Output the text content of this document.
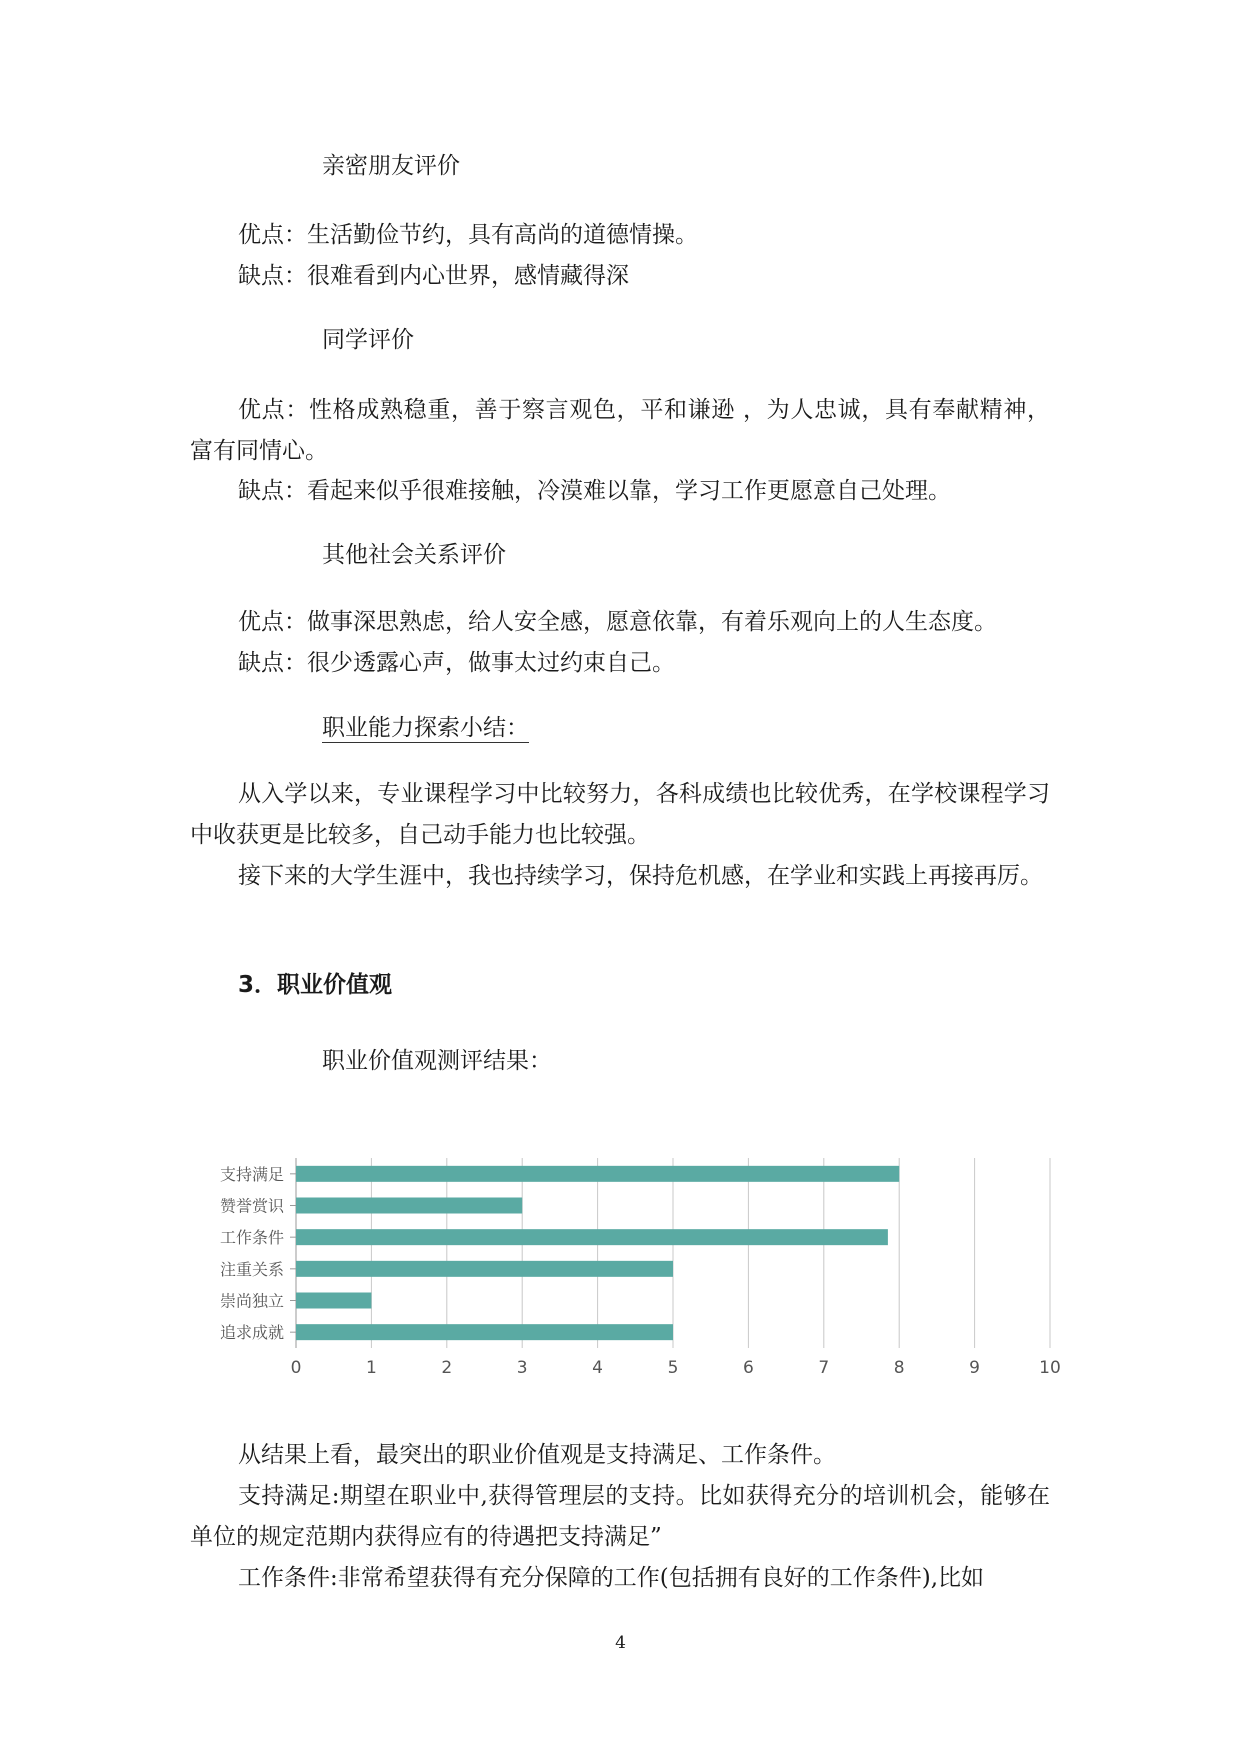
亲密朋友评价
优点：生活勤俭节约，具有高尚的道德情操。
缺点：很难看到内心世界，感情藏得深
同学评价
优点：性格成熟稳重，善于察言观色，平和谦逊 ，为人忠诚，具有奉献精神，富有同情心。
缺点：看起来似乎很难接触，冷漠难以靠，学习工作更愿意自己处理。
其他社会关系评价
优点：做事深思熟虑，给人安全感，愿意依靠，有着乐观向上的人生态度。
缺点：很少透露心声，做事太过约束自己。
职业能力探索小结：
从入学以来，专业课程学习中比较努力，各科成绩也比较优秀，在学校课程学习中收获更是比较多，自己动手能力也比较强。
接下来的大学生涯中，我也持续学习，保持危机感，在学业和实践上再接再厉。
3．职业价值观
职业价值观测评结果：
0	1	2	3	4	5	6	7	8	9	10
支持满足
赞誉赏识
工作条件
注重关系
崇尚独立
追求成就
从结果上看，最突出的职业价值观是支持满足、工作条件。
支持满足:期望在职业中,获得管理层的支持。比如获得充分的培训机会，能够在单位的规定范期内获得应有的待遇把支持满足”
工作条件:非常希望获得有充分保障的工作(包括拥有良好的工作条件),比如
4
